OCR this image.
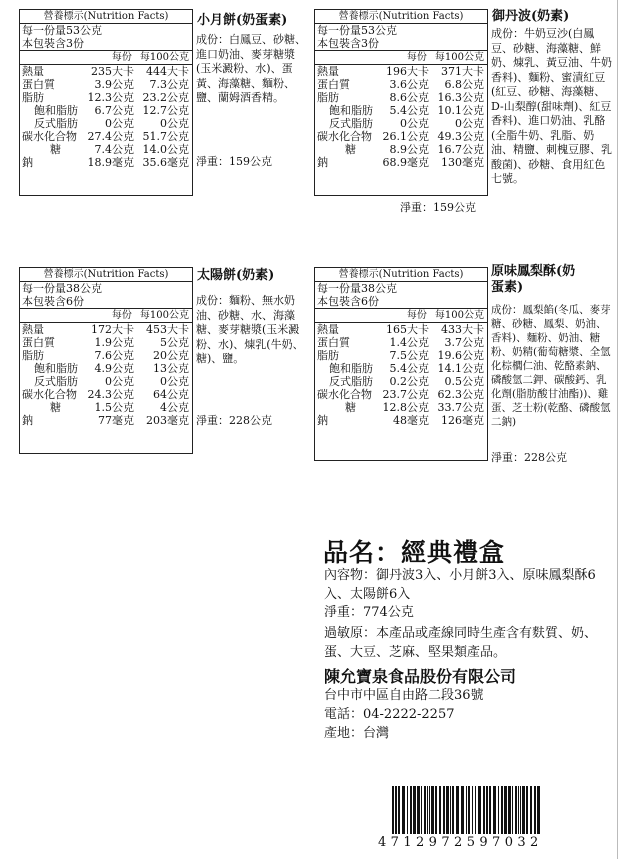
營養標示(Nutrition Facts)
每一份量53公克
本包裝含3份
每份 每100公克
熱量	235大卡	444大卡
蛋白質	3.9公克	7.3公克
脂肪	12.3公克 23.2公克
飽和脂肪	6.7公克 12.7公克
反式脂肪	0公克	0公克
碳水化合物 27.4公克 51.7公克
糖	7.4公克 14.0公克
鈉	18.9毫克 35.6毫克
小月餅(奶蛋素)
成份：白鳳豆、砂糖、進口奶油、麥芽糖漿(玉米澱粉、水)、蛋黃、海藻糖、麵粉、鹽、蘭姆酒香精。
淨重：159公克
營養標示(Nutrition Facts)
每一份量53公克
本包裝含3份
每份 每100公克
熱量	196大卡	371大卡
蛋白質	3.6公克	6.8公克
脂肪	8.6公克 16.3公克
飽和脂肪	5.4公克 10.1公克
反式脂肪	0公克	0公克
碳水化合物 26.1公克 49.3公克
糖	8.9公克 16.7公克
鈉	68.9毫克	130毫克
御丹波(奶素)
成份：牛奶豆沙(白鳳豆、砂糖、海藻糖、鮮奶、煉乳、黃豆油、牛奶香料)、麵粉、蜜漬紅豆(紅豆、砂糖、海藻糖、D-山梨醇(甜味劑)、紅豆香料)、進口奶油、乳酪(全脂牛奶、乳脂、奶油、精鹽、刺槐豆膠、乳酸菌)、砂糖、食用紅色七號。
淨重：159公克
營養標示(Nutrition Facts)
每一份量38公克
本包裝含6份
每份 每100公克
熱量	172大卡	453大卡
蛋白質	1.9公克	5公克
脂肪	7.6公克	20公克
飽和脂肪	4.9公克	13公克
反式脂肪	0公克	0公克
碳水化合物 24.3公克	64公克
糖	1.5公克	4公克
鈉	77毫克	203毫克
太陽餅(奶素)
成份：麵粉、無水奶油、砂糖、水、海藻糖、麥芽糖漿(玉米澱粉、水)、煉乳(牛奶、糖)、鹽。
淨重：228公克
營養標示(Nutrition Facts)
每一份量38公克
本包裝含6份
每份 每100公克
熱量	165大卡	433大卡
蛋白質	1.4公克	3.7公克
脂肪	7.5公克 19.6公克
飽和脂肪	5.4公克 14.1公克
反式脂肪	0.2公克	0.5公克
碳水化合物 23.7公克 62.3公克
糖	12.8公克 33.7公克
鈉	48毫克	126毫克
原味鳳梨酥(奶蛋素)
成份：鳳梨餡(冬瓜、麥芽糖、砂糖、鳳梨、奶油、香料)、麵粉、奶油、糖粉、奶精(葡萄糖漿、全氫化棕櫚仁油、乾酪素鈉、磷酸氫二鉀、碳酸鈣、乳化劑(脂肪酸甘油酯))、雞蛋、芝士粉(乾酪、磷酸氫二鈉)
淨重：228公克
品名：經典禮盒
內容物：御丹波3入、小月餅3入、原味鳳梨酥6入、太陽餅6入
淨重：774公克
過敏原：本產品或產線同時生產含有麩質、奶、蛋、大豆、芝麻、堅果類產品。
陳允寶泉食品股份有限公司
台中市中區自由路二段36號
電話：04-2222-2257
產地：台灣
4712972597032
